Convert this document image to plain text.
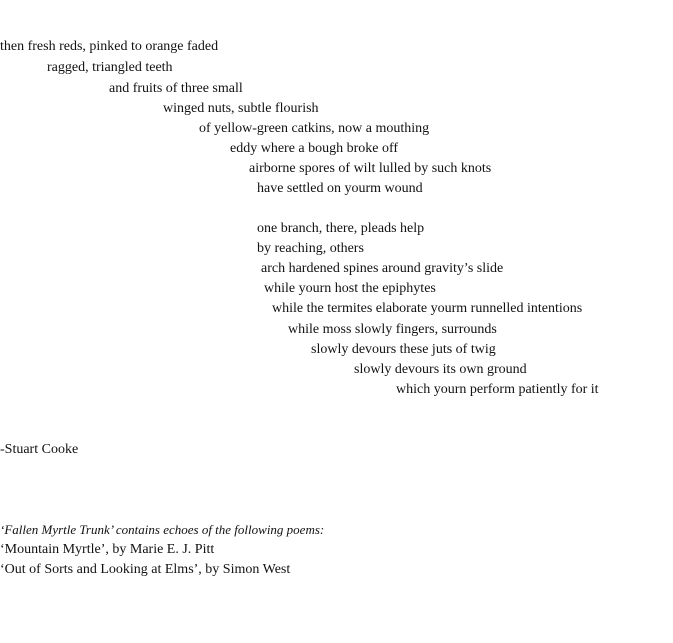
then fresh reds, pinked to orange faded
ragged, triangled teeth
and fruits of three small
winged nuts, subtle flourish
of yellow-green catkins, now a mouthing
eddy where a bough broke off
airborne spores of wilt lulled by such knots
have settled on yourm wound
one branch, there, pleads help
by reaching, others
arch hardened spines around gravity’s slide
while yourn host the epiphytes
while the termites elaborate yourm runnelled intentions
while moss slowly fingers, surrounds
slowly devours these juts of twig
slowly devours its own ground
which yourn perform patiently for it
-Stuart Cooke
‘Fallen Myrtle Trunk’ contains echoes of the following poems:
‘Mountain Myrtle’, by Marie E. J. Pitt
‘Out of Sorts and Looking at Elms’, by Simon West
